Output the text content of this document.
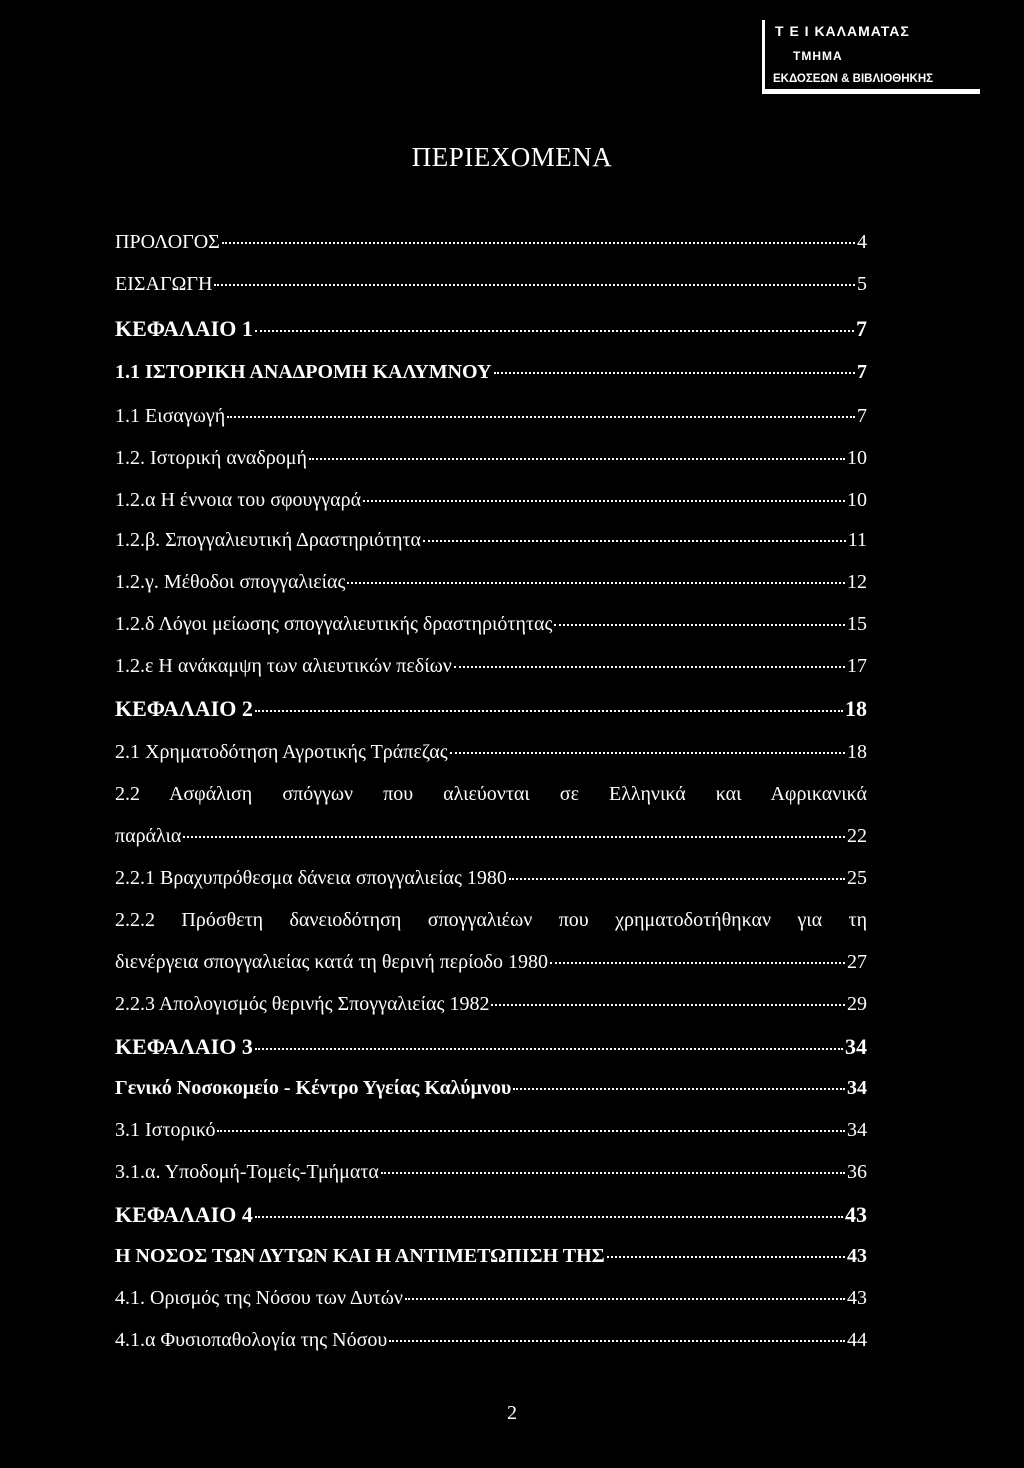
Τ Ε Ι ΚΑΛΑΜΑΤΑΣ
ΤΜΗΜΑ
ΕΚΔΟΣΕΩΝ & ΒΙΒΛΙΟΘΗΚΗΣ
ΠΕΡΙΕΧΟΜΕΝΑ
ΠΡΟΛΟΓΟΣ	4
ΕΙΣΑΓΩΓΗ	5
ΚΕΦΑΛΑΙΟ 1	7
1.1 ΙΣΤΟΡΙΚΗ ΑΝΑΔΡΟΜΗ ΚΑΛΥΜΝΟΥ	7
1.1 Εισαγωγή	7
1.2. Ιστορική αναδρομή	10
1.2.α Η έννοια του σφουγγαρά	10
1.2.β. Σπογγαλιευτική Δραστηριότητα	11
1.2.γ. Μέθοδοι σπογγαλιείας	12
1.2.δ Λόγοι μείωσης σπογγαλιευτικής δραστηριότητας	15
1.2.ε Η ανάκαμψη των αλιευτικών πεδίων	17
ΚΕΦΑΛΑΙΟ 2	18
2.1 Χρηματοδότηση Αγροτικής Τράπεζας	18
2.2 Ασφάλιση σπόγγων που αλιεύονται σε Ελληνικά και Αφρικανικά
παράλια	22
2.2.1 Βραχυπρόθεσμα δάνεια σπογγαλιείας 1980	25
2.2.2 Πρόσθετη δανειοδότηση σπογγαλιέων που χρηματοδοτήθηκαν για τη
διενέργεια σπογγαλιείας κατά τη θερινή περίοδο 1980	27
2.2.3 Απολογισμός θερινής Σπογγαλιείας 1982	29
ΚΕΦΑΛΑΙΟ 3	34
Γενικό Νοσοκομείο - Κέντρο Υγείας Καλύμνου	34
3.1 Ιστορικό	34
3.1.α. Υποδομή-Τομείς-Τμήματα	36
ΚΕΦΑΛΑΙΟ 4	43
Η ΝΟΣΟΣ ΤΩΝ ΔΥΤΩΝ ΚΑΙ Η ΑΝΤΙΜΕΤΩΠΙΣΗ ΤΗΣ	43
4.1. Ορισμός της Νόσου των Δυτών	43
4.1.α Φυσιοπαθολογία της Νόσου	44
2
